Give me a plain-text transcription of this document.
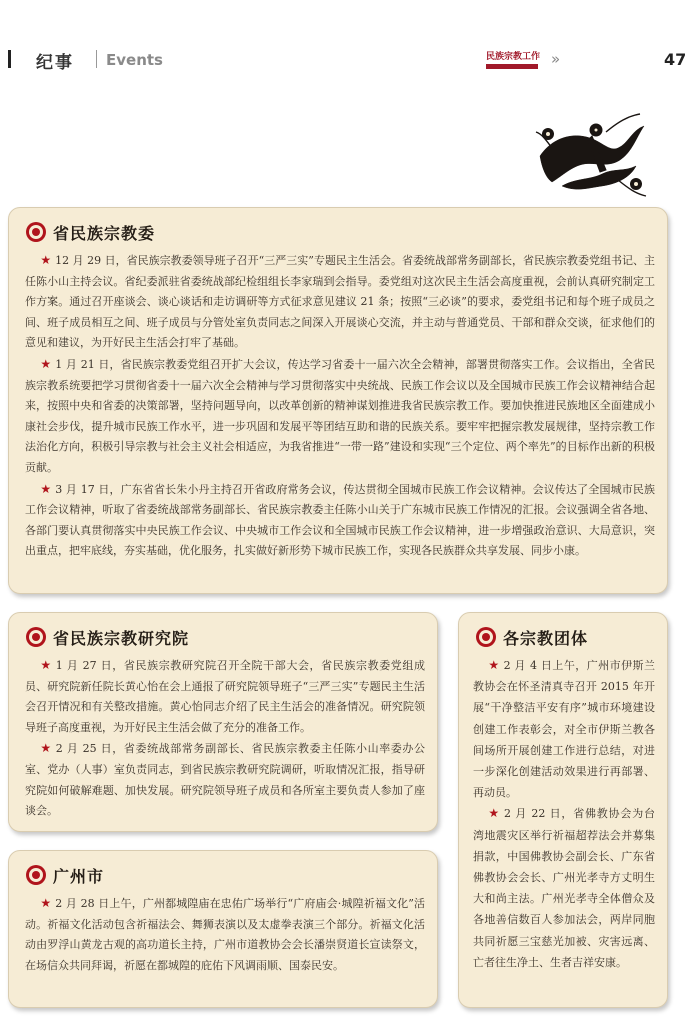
纪事 Events	民族宗教工作 »	47
省民族宗教委

★ 12 月 29 日，省民族宗教委领导班子召开“三严三实”专题民主生活会。省委统战部常务副部长，省民族宗教委党组书记、主任陈小山主持会议。省纪委派驻省委统战部纪检组组长李家瑞到会指导。委党组对这次民主生活会高度重视，会前认真研究制定工作方案。通过召开座谈会、谈心谈话和走访调研等方式征求意见建议 21 条；按照“三必谈”的要求，委党组书记和每个班子成员之间、班子成员相互之间、班子成员与分管处室负责同志之间深入开展谈心交流，并主动与普通党员、干部和群众交谈，征求他们的意见和建议，为开好民主生活会打牢了基础。

★ 1 月 21 日，省民族宗教委党组召开扩大会议，传达学习省委十一届六次全会精神，部署贯彻落实工作。会议指出，全省民族宗教系统要把学习贯彻省委十一届六次全会精神与学习贯彻落实中央统战、民族工作会议以及全国城市民族工作会议精神结合起来，按照中央和省委的决策部署，坚持问题导向，以改革创新的精神谋划推进我省民族宗教工作。要加快推进民族地区全面建成小康社会步伐，提升城市民族工作水平，进一步巩固和发展平等团结互助和谐的民族关系。要牢牢把握宗教发展规律，坚持宗教工作法治化方向，积极引导宗教与社会主义社会相适应，为我省推进“一带一路”建设和实现“三个定位、两个率先”的目标作出新的积极贡献。

★ 3 月 17 日，广东省省长朱小丹主持召开省政府常务会议，传达贯彻全国城市民族工作会议精神。会议传达了全国城市民族工作会议精神，听取了省委统战部常务副部长、省民族宗教委主任陈小山关于广东城市民族工作情况的汇报。会议强调全省各地、各部门要认真贯彻落实中央民族工作会议、中央城市工作会议和全国城市民族工作会议精神，进一步增强政治意识、大局意识，突出重点，把牢底线，夯实基础，优化服务，扎实做好新形势下城市民族工作，实现各民族群众共享发展、同步小康。

省民族宗教研究院

★ 1 月 27 日，省民族宗教研究院召开全院干部大会，省民族宗教委党组成员、研究院新任院长黄心怡在会上通报了研究院领导班子“三严三实”专题民主生活会召开情况和有关整改措施。黄心怡同志介绍了民主生活会的准备情况。研究院领导班子高度重视，为开好民主生活会做了充分的准备工作。

★ 2 月 25 日，省委统战部常务副部长、省民族宗教委主任陈小山率委办公室、党办（人事）室负责同志，到省民族宗教研究院调研，听取情况汇报，指导研究院如何破解难题、加快发展。研究院领导班子成员和各所室主要负责人参加了座谈会。

广州市

★ 2 月 28 日上午，广州都城隍庙在忠佑广场举行“广府庙会·城隍祈福文化”活动。祈福文化活动包含祈福法会、舞狮表演以及太虚拳表演三个部分。祈福文化活动由罗浮山黄龙古观的高功道长主持，广州市道教协会会长潘崇贤道长宣读祭文，在场信众共同拜谒，祈愿在都城隍的庇佑下风调雨顺、国泰民安。

各宗教团体

★ 2 月 4 日上午，广州市伊斯兰教协会在怀圣清真寺召开 2015 年开展“干净整洁平安有序”城市环境建设创建工作表彰会，对全市伊斯兰教各间场所开展创建工作进行总结，对进一步深化创建活动效果进行再部署、再动员。

★ 2 月 22 日，省佛教协会为台湾地震灾区举行祈福超荐法会并募集捐款，中国佛教协会副会长、广东省佛教协会会长、广州光孝寺方丈明生大和尚主法。广州光孝寺全体僧众及各地善信数百人参加法会，两岸同胞共同祈愿三宝慈光加被、灾害远离、亡者往生净土、生者吉祥安康。
